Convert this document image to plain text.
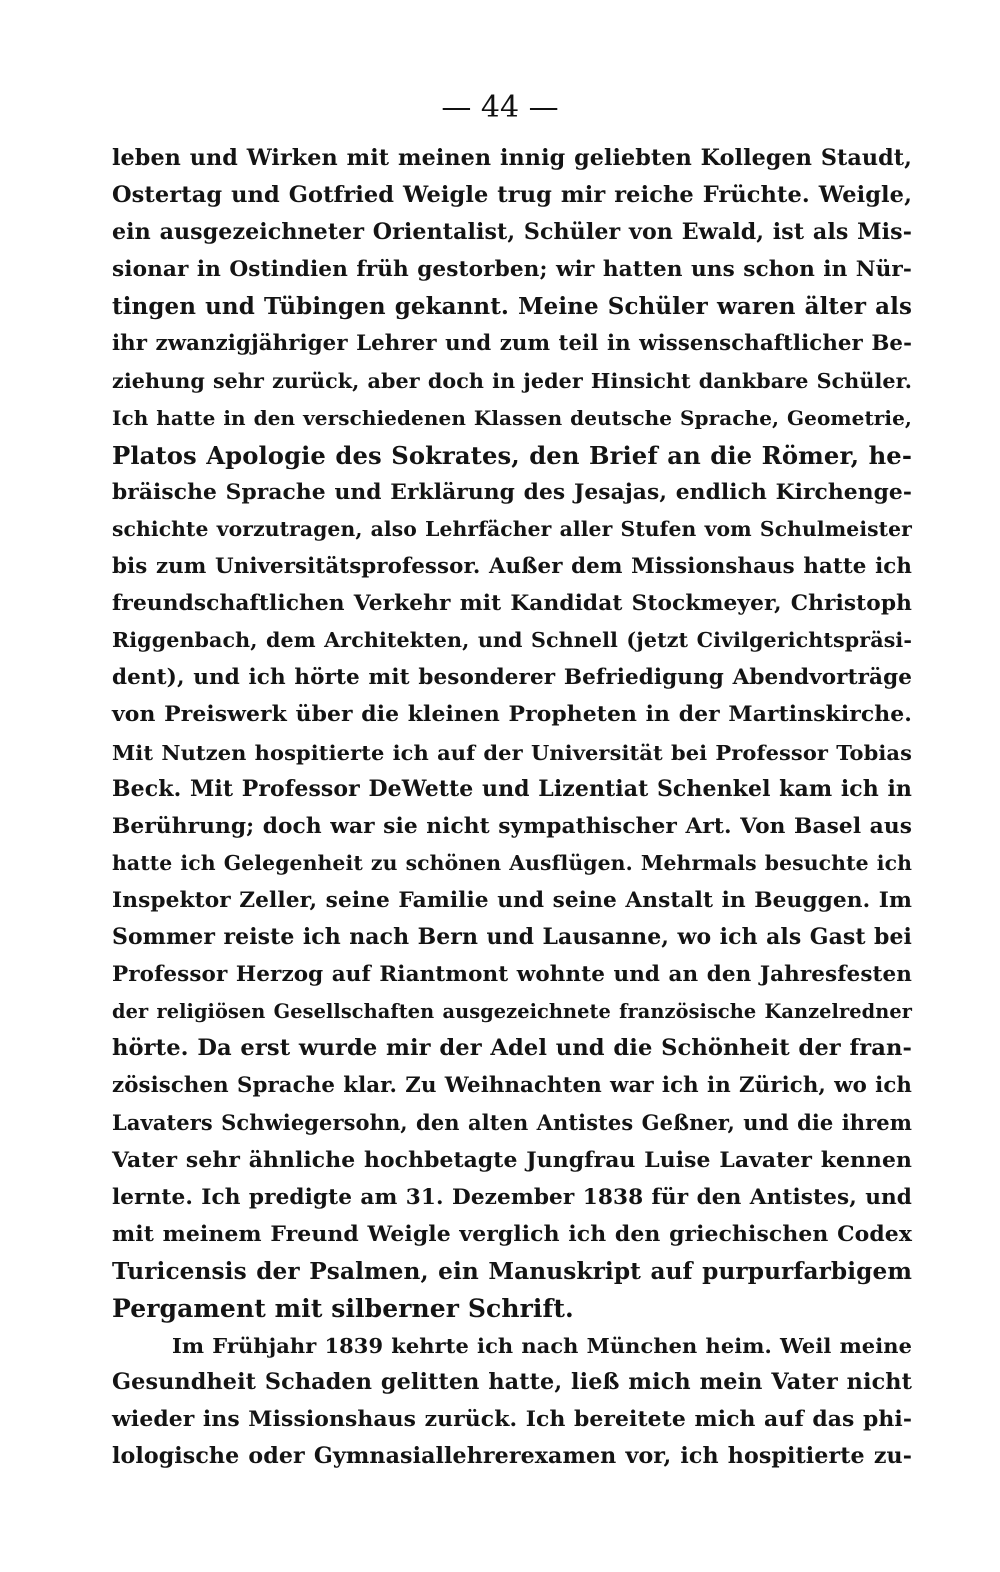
— 44 —
leben und Wirken mit meinen innig geliebten Kollegen Staudt,
Ostertag und Gotfried Weigle trug mir reiche Früchte. Weigle,
ein ausgezeichneter Orientalist, Schüler von Ewald, ist als Mis-
sionar in Ostindien früh gestorben; wir hatten uns schon in Nür-
tingen und Tübingen gekannt. Meine Schüler waren älter als
ihr zwanzigjähriger Lehrer und zum teil in wissenschaftlicher Be-
ziehung sehr zurück, aber doch in jeder Hinsicht dankbare Schüler.
Ich hatte in den verschiedenen Klassen deutsche Sprache, Geometrie,
Platos Apologie des Sokrates, den Brief an die Römer, he-
bräische Sprache und Erklärung des Jesajas, endlich Kirchenge-
schichte vorzutragen, also Lehrfächer aller Stufen vom Schulmeister
bis zum Universitätsprofessor. Außer dem Missionshaus hatte ich
freundschaftlichen Verkehr mit Kandidat Stockmeyer, Christoph
Riggenbach, dem Architekten, und Schnell (jetzt Civilgerichtspräsi-
dent), und ich hörte mit besonderer Befriedigung Abendvorträge
von Preiswerk über die kleinen Propheten in der Martinskirche.
Mit Nutzen hospitierte ich auf der Universität bei Professor Tobias
Beck. Mit Professor DeWette und Lizentiat Schenkel kam ich in
Berührung; doch war sie nicht sympathischer Art. Von Basel aus
hatte ich Gelegenheit zu schönen Ausflügen. Mehrmals besuchte ich
Inspektor Zeller, seine Familie und seine Anstalt in Beuggen. Im
Sommer reiste ich nach Bern und Lausanne, wo ich als Gast bei
Professor Herzog auf Riantmont wohnte und an den Jahresfesten
der religiösen Gesellschaften ausgezeichnete französische Kanzelredner
hörte. Da erst wurde mir der Adel und die Schönheit der fran-
zösischen Sprache klar. Zu Weihnachten war ich in Zürich, wo ich
Lavaters Schwiegersohn, den alten Antistes Geßner, und die ihrem
Vater sehr ähnliche hochbetagte Jungfrau Luise Lavater kennen
lernte. Ich predigte am 31. Dezember 1838 für den Antistes, und
mit meinem Freund Weigle verglich ich den griechischen Codex
Turicensis der Psalmen, ein Manuskript auf purpurfarbigem
Pergament mit silberner Schrift.
Im Frühjahr 1839 kehrte ich nach München heim. Weil meine
Gesundheit Schaden gelitten hatte, ließ mich mein Vater nicht
wieder ins Missionshaus zurück. Ich bereitete mich auf das phi-
lologische oder Gymnasiallehrerexamen vor, ich hospitierte zu-
